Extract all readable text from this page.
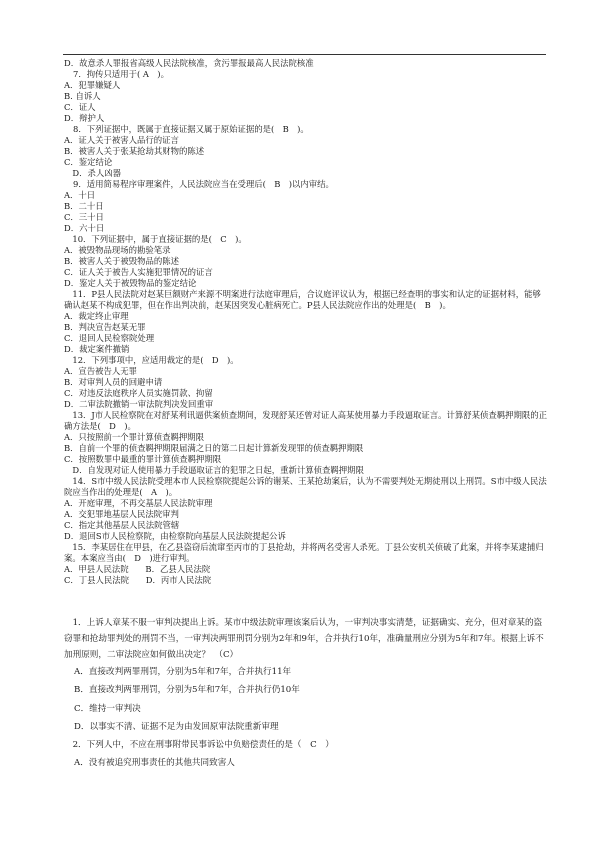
D．故意杀人罪报省高级人民法院核准，贪污罪报最高人民法院核准
7．拘传只适用于( A　)。
A．犯罪嫌疑人
B. 自诉人
C．证人
D．辩护人
8．下列证据中，既属于直接证据又属于原始证据的是(　B　)。
A．证人关于被害人品行的证言
B．被害人关于张某抢劫其财物的陈述
C．鉴定结论
　D．杀人凶器
9．适用简易程序审理案件，人民法院应当在受理后(　B　)以内审结。
A．十日
B．二十日
C．三十日
D．六十日
　10．下列证据中，属于直接证据的是(　C　)。
A．被毁物品现场的勘验笔录
B．被害人关于被毁物品的陈述
C．证人关于被告人实施犯罪情况的证言
D．鉴定人关于被毁物品的鉴定结论
　11．P县人民法院对赵某巨额财产来源不明案进行法庭审理后，合议庭评议认为，根据已经查明的事实和认定的证据材料，能够确认赵某不构成犯罪，但在作出判决前，赵某因突发心脏病死亡。P县人民法院应作出的处理是(　B　)。
A．裁定终止审理
B．判决宣告赵某无罪
C．退回人民检察院处理
D．裁定案件撤销
　12．下列事项中，应适用裁定的是(　D　)。
A．宣告被告人无罪
B．对审判人员的回避申请
C．对违反法庭秩序人员实施罚款、拘留
D．二审法院撤销一审法院判决发回重审
　13．J市人民检察院在对舒某利讯逼供案侦查期间，发现舒某还曾对证人高某使用暴力手段逼取证言。计算舒某侦查羁押期限的正确方法是(　D　)。
A．只按照前一个罪计算侦查羁押期限
B．自前一个罪的侦查羁押期限届满之日的第二日起计算新发现罪的侦查羁押期限
C．按照数罪中最重的罪计算侦查羁押期限
　D．自发现对证人使用暴力手段逼取证言的犯罪之日起，重新计算侦查羁押期限
　14．S市中级人民法院受理本市人民检察院提起公诉的谢某、王某抢劫案后，认为不需要判处无期徒刑以上刑罚。S市中级人民法院应当作出的处理是(　A　)。
A．开庭审理，不再交基层人民法院审理
A．交犯罪地基层人民法院审判
C．指定其他基层人民法院管辖
D．退回S市人民检察院，由检察院向基层人民法院提起公诉
　15．李某居住在甲县，在乙县盗窃后流窜至丙市的丁县抢劫，并将两名受害人杀死。丁县公安机关侦破了此案，并将李某逮捕归案。本案应当由(　D　)进行审判。
A．甲县人民法院　　B．乙县人民法院
C．丁县人民法院　　D．丙市人民法院
　1．上诉人章某不服一审判决提出上诉。某市中级法院审理该案后认为，一审判决事实清楚，证据确实、充分，但对章某的盗窃罪和抢劫罪判处的刑罚不当，一审判决两罪刑罚分别为2年和9年，合并执行10年，准确量刑应分别为5年和7年。根据上诉不加刑原则，二审法院应如何做出决定？　（C）
A．直接改判两罪刑罚，分别为5年和7年，合并执行11年
B．直接改判两罪刑罚，分别为5年和7年，合并执行仍10年
C．维持一审判决
D．以事实不清、证据不足为由发回原审法院重新审理
　2．下列人中，不应在刑事附带民事诉讼中负赔偿责任的是（　C　）
A．没有被追究刑事责任的其他共同致害人
